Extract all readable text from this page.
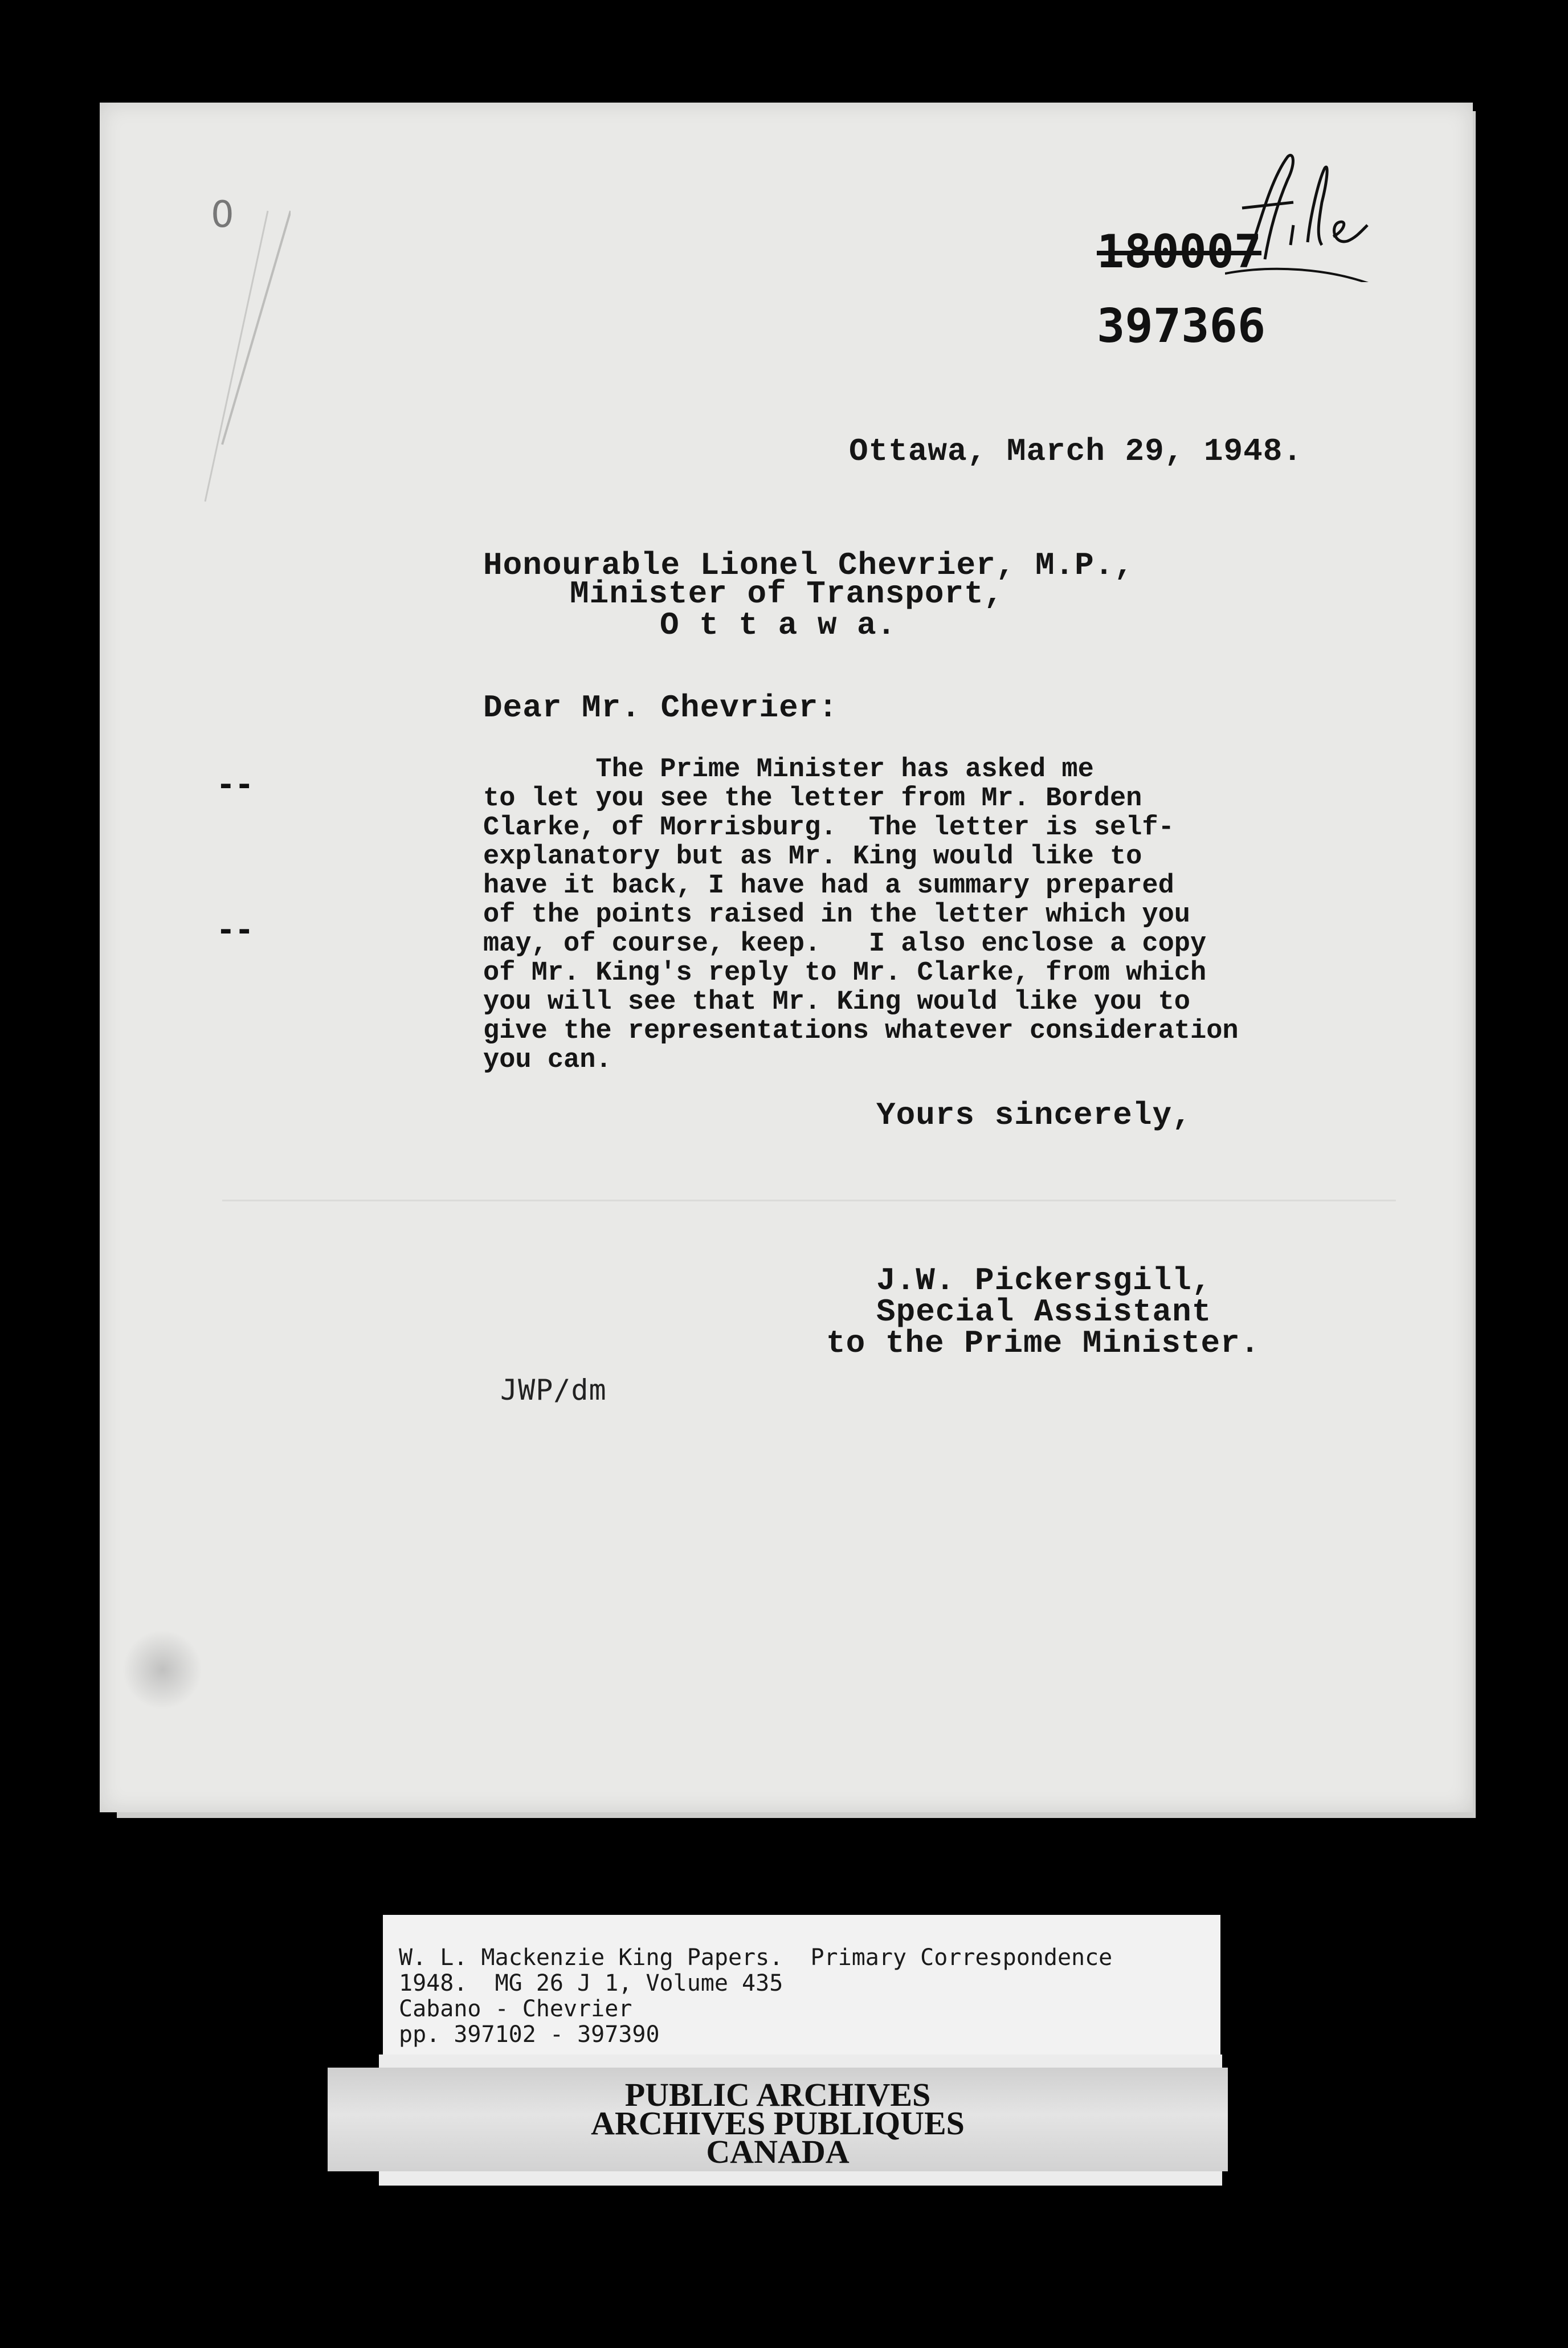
0
180007
397366
Ottawa, March 29, 1948.
Honourable Lionel Chevrier, M.P.,
Minister of Transport,
O t t a w a.
Dear Mr. Chevrier:
--
--
The Prime Minister has asked me
to let you see the letter from Mr. Borden
Clarke, of Morrisburg.  The letter is self-
explanatory but as Mr. King would like to
have it back, I have had a summary prepared
of the points raised in the letter which you
may, of course, keep.   I also enclose a copy
of Mr. King's reply to Mr. Clarke, from which
you will see that Mr. King would like you to
give the representations whatever consideration
you can.
Yours sincerely,
J.W. Pickersgill,
Special Assistant
to the Prime Minister.
JWP/dm
W. L. Mackenzie King Papers.  Primary Correspondence
1948.  MG 26 J 1, Volume 435
Cabano - Chevrier
pp. 397102 - 397390
PUBLIC ARCHIVES
ARCHIVES PUBLIQUES
CANADA
